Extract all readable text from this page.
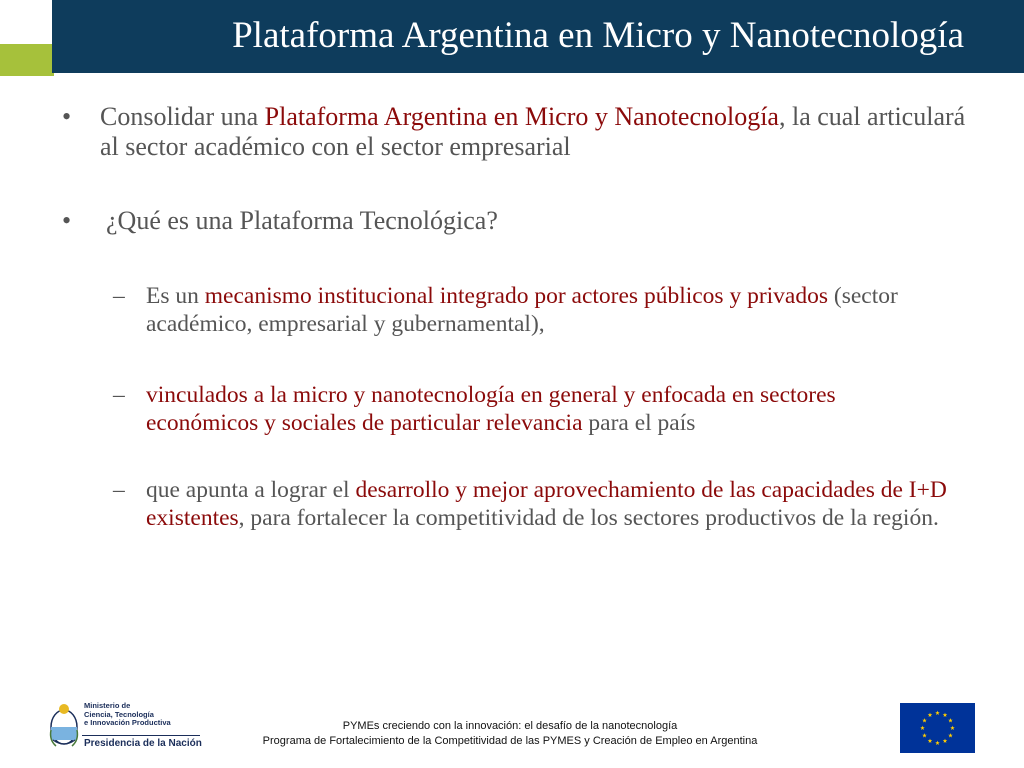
Plataforma Argentina en Micro y Nanotecnología
• Consolidar una Plataforma Argentina en Micro y Nanotecnología, la cual articulará al sector académico con el sector empresarial
• ¿Qué es una Plataforma Tecnológica?
– Es un mecanismo institucional integrado por actores públicos y privados (sector académico, empresarial y gubernamental),
– vinculados a la micro y nanotecnología en general y enfocada en sectores económicos y sociales de particular relevancia para el país
– que apunta a lograr el desarrollo y mejor aprovechamiento de las capacidades de I+D existentes, para fortalecer la competitividad de los sectores productivos de la región.
Ministerio de
Ciencia, Tecnología
e Innovación Productiva
Presidencia de la Nación
PYMEs creciendo con la innovación: el desafío de la nanotecnología
Programa de Fortalecimiento de la Competitividad de las PYMES y Creación de Empleo en Argentina
